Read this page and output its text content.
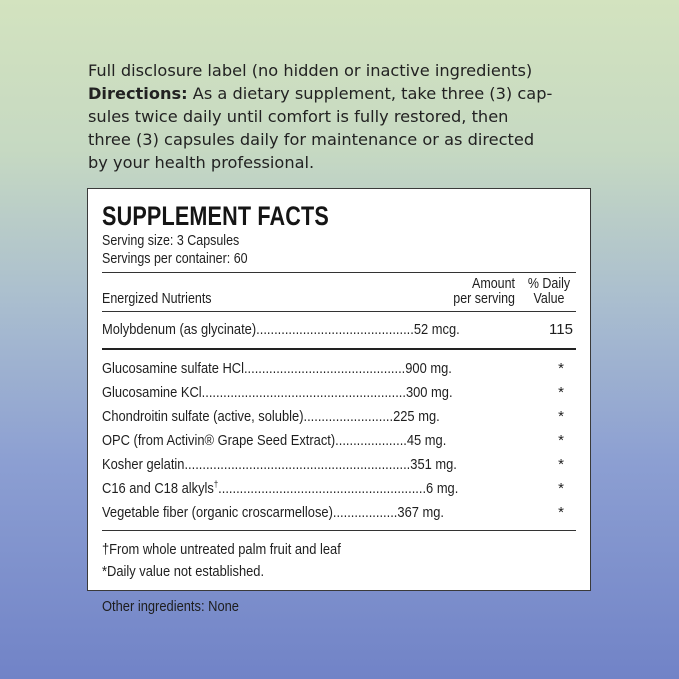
Full disclosure label (no hidden or inactive ingredients)
Directions: As a dietary supplement, take three (3) cap-
sules twice daily until comfort is fully restored, then
three (3) capsules daily for maintenance or as directed
by your health professional.
SUPPLEMENT FACTS
Serving size: 3 Capsules
Servings per container: 60
Energized Nutrients
Amount
per serving
% Daily
Value
Molybdenum (as glycinate)............................................52 mcg.	115
Glucosamine sulfate HCl.............................................900 mg.	*
Glucosamine KCl.........................................................300 mg.	*
Chondroitin sulfate (active, soluble).........................225 mg.	*
OPC (from Activin® Grape Seed Extract)....................45 mg.	*
Kosher gelatin...............................................................351 mg.	*
C16 and C18 alkyls†..........................................................6 mg.	*
Vegetable fiber (organic croscarmellose)..................367 mg.	*
†From whole untreated palm fruit and leaf
*Daily value not established.
Other ingredients: None
